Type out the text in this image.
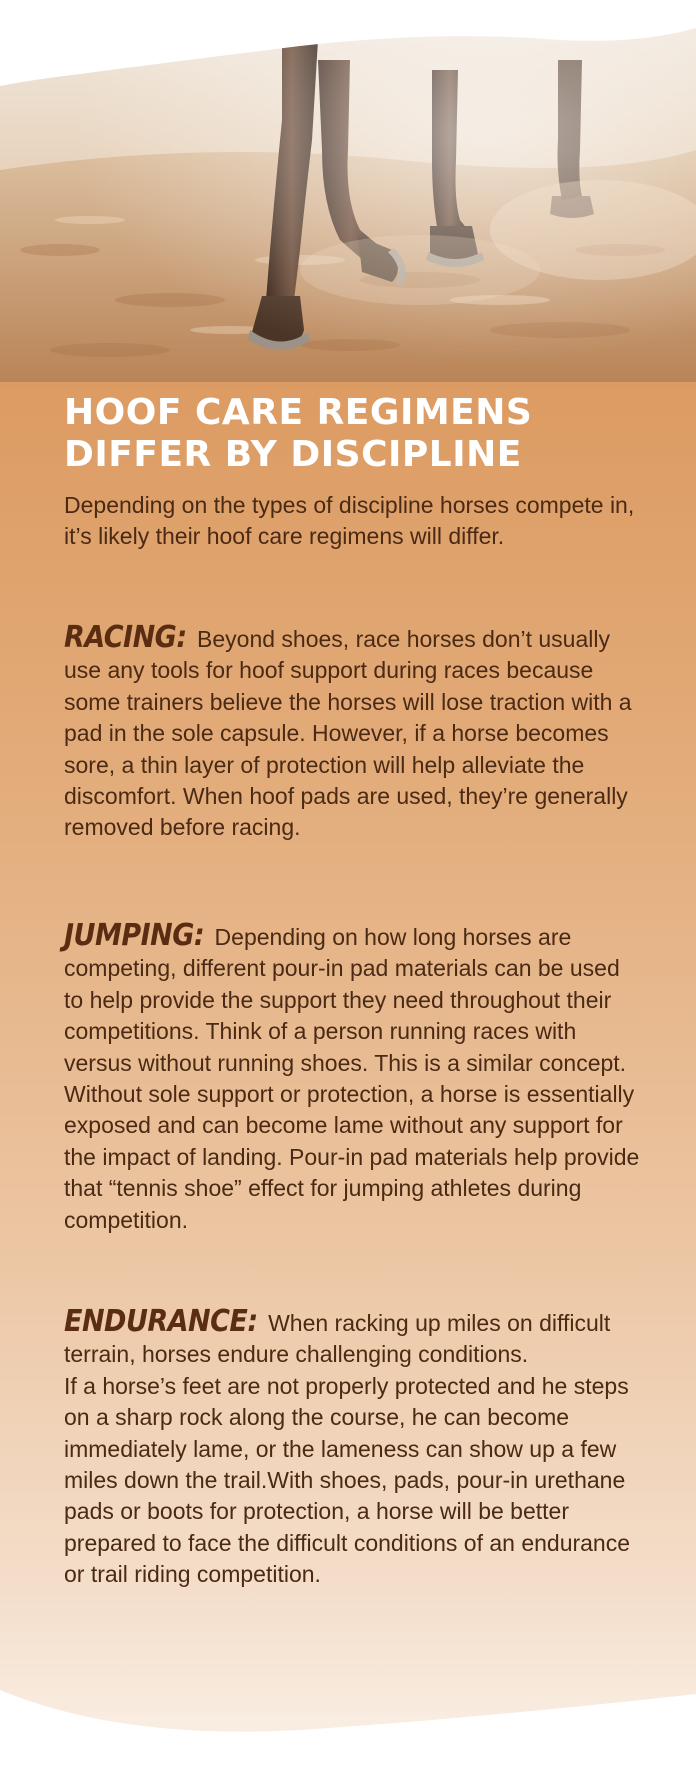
HOOF CARE REGIMENS
DIFFER BY DISCIPLINE

Depending on the types of discipline horses compete in, it’s likely their hoof care regimens will differ.

RACING: Beyond shoes, race horses don’t usually use any tools for hoof support during races because some trainers believe the horses will lose traction with a pad in the sole capsule. However, if a horse becomes sore, a thin layer of protection will help alleviate the discomfort. When hoof pads are used, they’re generally removed before racing.

JUMPING: Depending on how long horses are competing, different pour-in pad materials can be used to help provide the support they need throughout their competitions. Think of a person running races with versus without running shoes. This is a similar concept. Without sole support or protection, a horse is essentially exposed and can become lame without any support for the impact of landing. Pour-in pad materials help provide that “tennis shoe” effect for jumping athletes during competition.

ENDURANCE: When racking up miles on difficult terrain, horses endure challenging conditions.
If a horse’s feet are not properly protected and he steps on a sharp rock along the course, he can become immediately lame, or the lameness can show up a few miles down the trail.With shoes, pads, pour-in urethane pads or boots for protection, a horse will be better prepared to face the difficult conditions of an endurance or trail riding competition.
